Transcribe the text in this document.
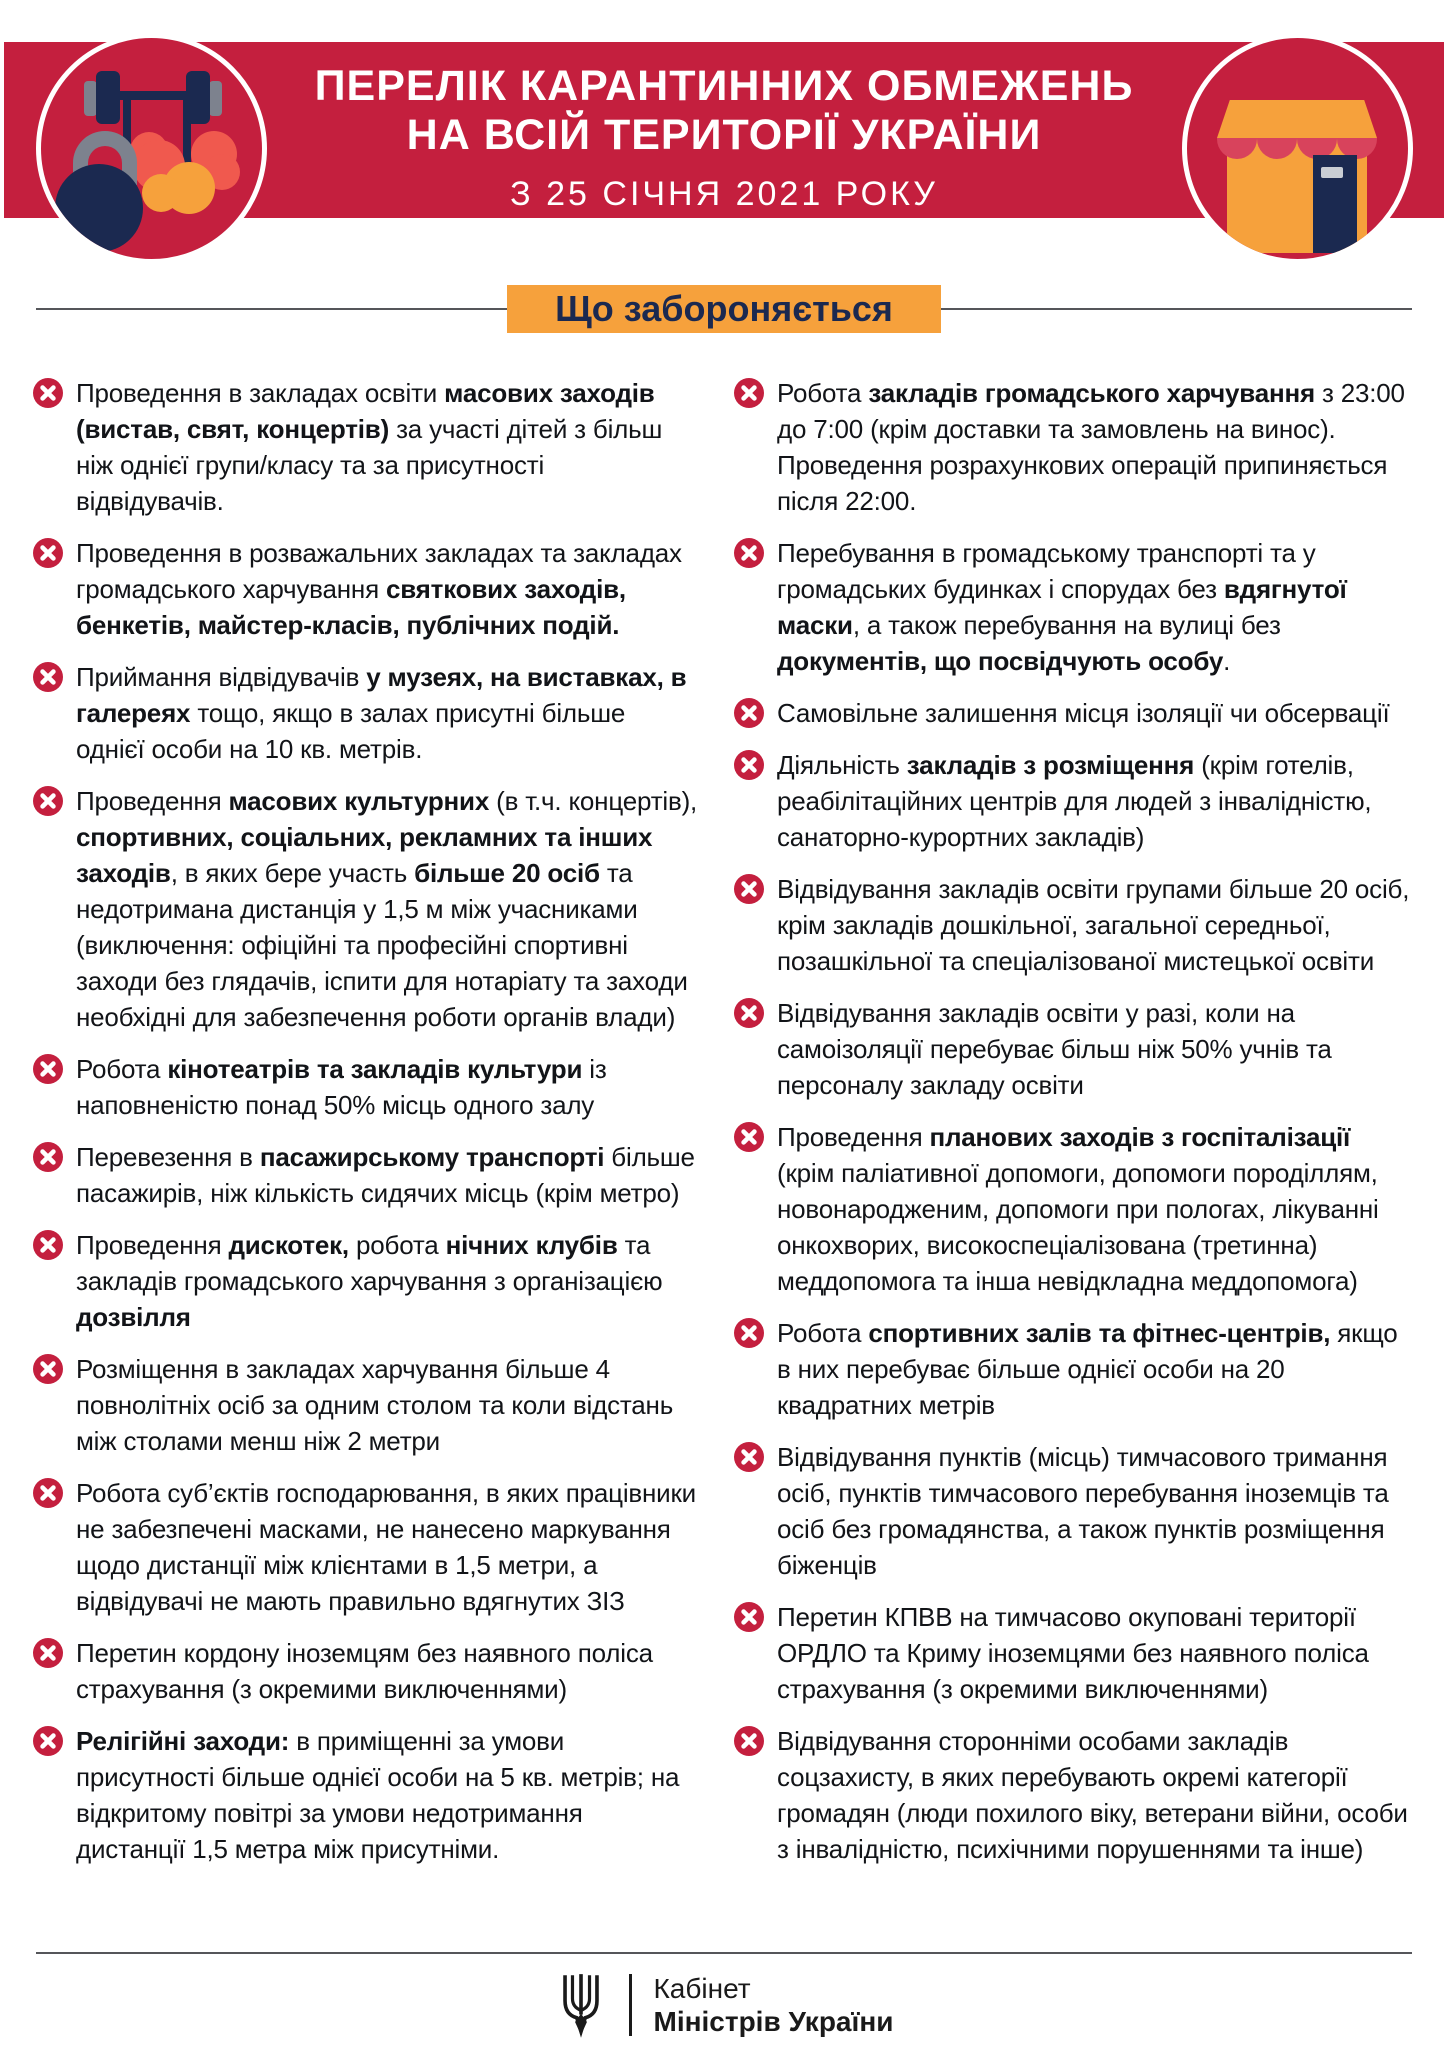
ПЕРЕЛІК КАРАНТИННИХ ОБМЕЖЕНЬ
НА ВСІЙ ТЕРИТОРІЇ УКРАЇНИ
З 25 СІЧНЯ 2021 РОКУ
Що забороняється
Проведення в закладах освіти масових заходів (вистав, свят, концертів) за участі дітей з більш ніж однієї групи/класу та за присутності відвідувачів.
Проведення в розважальних закладах та закладах громадського харчування святкових заходів, бенкетів, майстер-класів, публічних подій.
Приймання відвідувачів у музеях, на виставках, в галереях тощо, якщо в залах присутні більше однієї особи на 10 кв. метрів.
Проведення масових культурних (в т.ч. концертів), спортивних, соціальних, рекламних та інших заходів, в яких бере участь більше 20 осіб та недотримана дистанція у 1,5 м між учасниками (виключення: офіційні та професійні спортивні заходи без глядачів, іспити для нотаріату та заходи необхідні для забезпечення роботи органів влади)
Робота кінотеатрів та закладів культури із наповненістю понад 50% місць одного залу
Перевезення в пасажирському транспорті більше пасажирів, ніж кількість сидячих місць (крім метро)
Проведення дискотек, робота нічних клубів та закладів громадського харчування з організацією дозвілля
Розміщення в закладах харчування більше 4 повнолітніх осіб за одним столом та коли відстань між столами менш ніж 2 метри
Робота суб’єктів господарювання, в яких працівники не забезпечені масками, не нанесено маркування щодо дистанції між клієнтами в 1,5 метри, а відвідувачі не мають правильно вдягнутих ЗІЗ
Перетин кордону іноземцям без наявного поліса страхування (з окремими виключеннями)
Релігійні заходи: в приміщенні за умови присутності більше однієї особи на 5 кв. метрів; на відкритому повітрі за умови недотримання дистанції 1,5 метра між присутніми.
Робота закладів громадського харчування з 23:00 до 7:00 (крім доставки та замовлень на винос). Проведення розрахункових операцій припиняється після 22:00.
Перебування в громадському транспорті та у громадських будинках і спорудах без вдягнутої маски, а також перебування на вулиці без документів, що посвідчують особу.
Самовільне залишення місця ізоляції чи обсервації
Діяльність закладів з розміщення (крім готелів, реабілітаційних центрів для людей з інвалідністю, санаторно-курортних закладів)
Відвідування закладів освіти групами більше 20 осіб, крім закладів дошкільної, загальної середньої, позашкільної та спеціалізованої мистецької освіти
Відвідування закладів освіти у разі, коли на самоізоляції перебуває більш ніж 50% учнів та персоналу закладу освіти
Проведення планових заходів з госпіталізації (крім паліативної допомоги, допомоги породіллям, новонародженим, допомоги при пологах, лікуванні онкохворих, високоспеціалізована (третинна) меддопомога та інша невідкладна меддопомога)
Робота спортивних залів та фітнес-центрів, якщо в них перебуває більше однієї особи на 20 квадратних метрів
Відвідування пунктів (місць) тимчасового тримання осіб, пунктів тимчасового перебування іноземців та осіб без громадянства, а також пунктів розміщення біженців
Перетин КПВВ на тимчасово окуповані території ОРДЛО та Криму іноземцями без наявного поліса страхування (з окремими виключеннями)
Відвідування сторонніми особами закладів соцзахисту, в яких перебувають окремі категорії громадян (люди похилого віку, ветерани війни, особи з інвалідністю, психічними порушеннями та інше)
Кабінет
Міністрів України
